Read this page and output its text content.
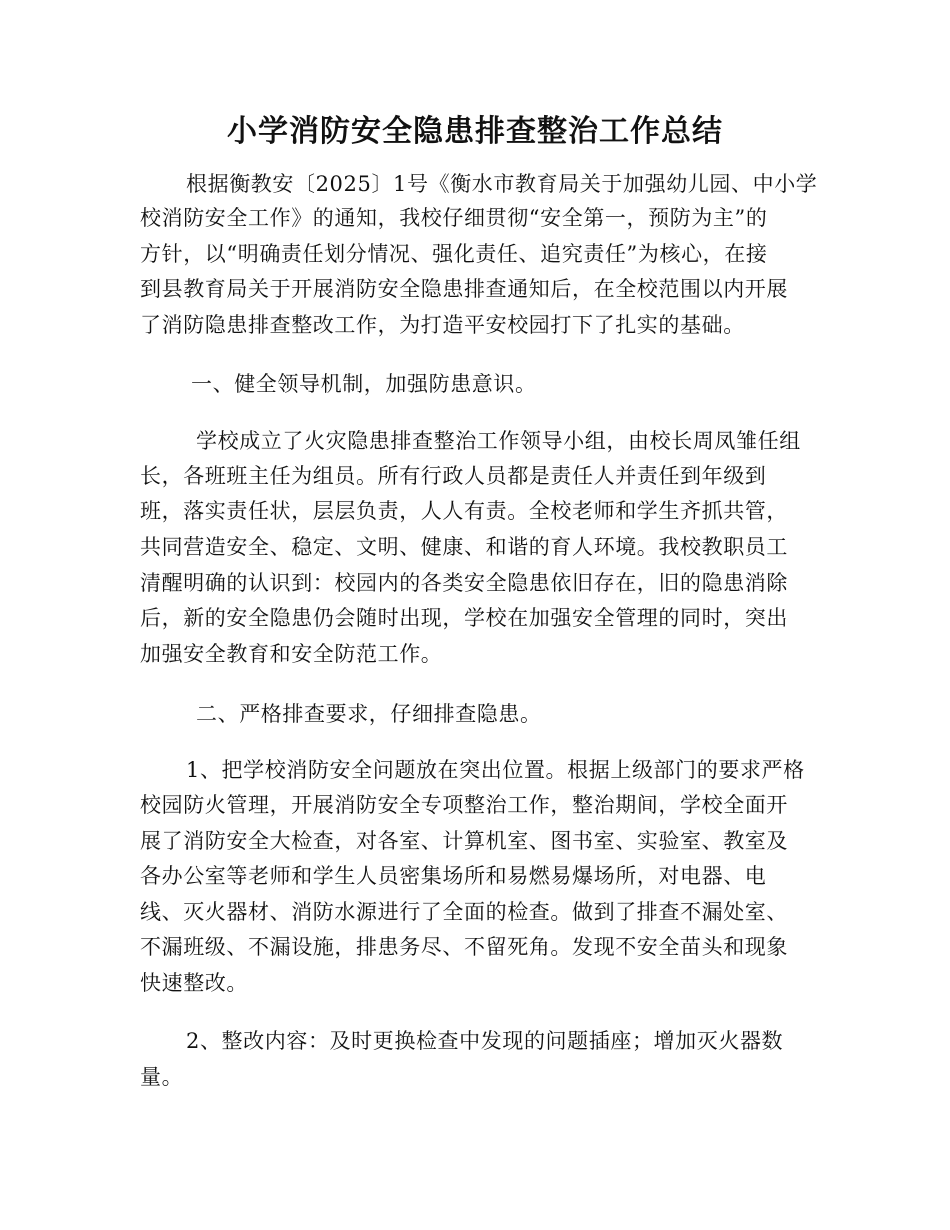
小学消防安全隐患排查整治工作总结
根据衡教安〔2025〕1号《衡水市教育局关于加强幼儿园、中小学
校消防安全工作》的通知，我校仔细贯彻“安全第一，预防为主”的
方针，以“明确责任划分情况、强化责任、追究责任”为核心，在接
到县教育局关于开展消防安全隐患排查通知后，在全校范围以内开展
了消防隐患排查整改工作，为打造平安校园打下了扎实的基础。
一、健全领导机制，加强防患意识。
学校成立了火灾隐患排查整治工作领导小组，由校长周凤雏任组
长，各班班主任为组员。所有行政人员都是责任人并责任到年级到
班，落实责任状，层层负责，人人有责。全校老师和学生齐抓共管，
共同营造安全、稳定、文明、健康、和谐的育人环境。我校教职员工
清醒明确的认识到：校园内的各类安全隐患依旧存在，旧的隐患消除
后，新的安全隐患仍会随时出现，学校在加强安全管理的同时，突出
加强安全教育和安全防范工作。
二、严格排查要求，仔细排查隐患。
1、把学校消防安全问题放在突出位置。根据上级部门的要求严格
校园防火管理，开展消防安全专项整治工作，整治期间，学校全面开
展了消防安全大检查，对各室、计算机室、图书室、实验室、教室及
各办公室等老师和学生人员密集场所和易燃易爆场所，对电器、电
线、灭火器材、消防水源进行了全面的检查。做到了排查不漏处室、
不漏班级、不漏设施，排患务尽、不留死角。发现不安全苗头和现象
快速整改。
2、整改内容：及时更换检查中发现的问题插座；增加灭火器数
量。
